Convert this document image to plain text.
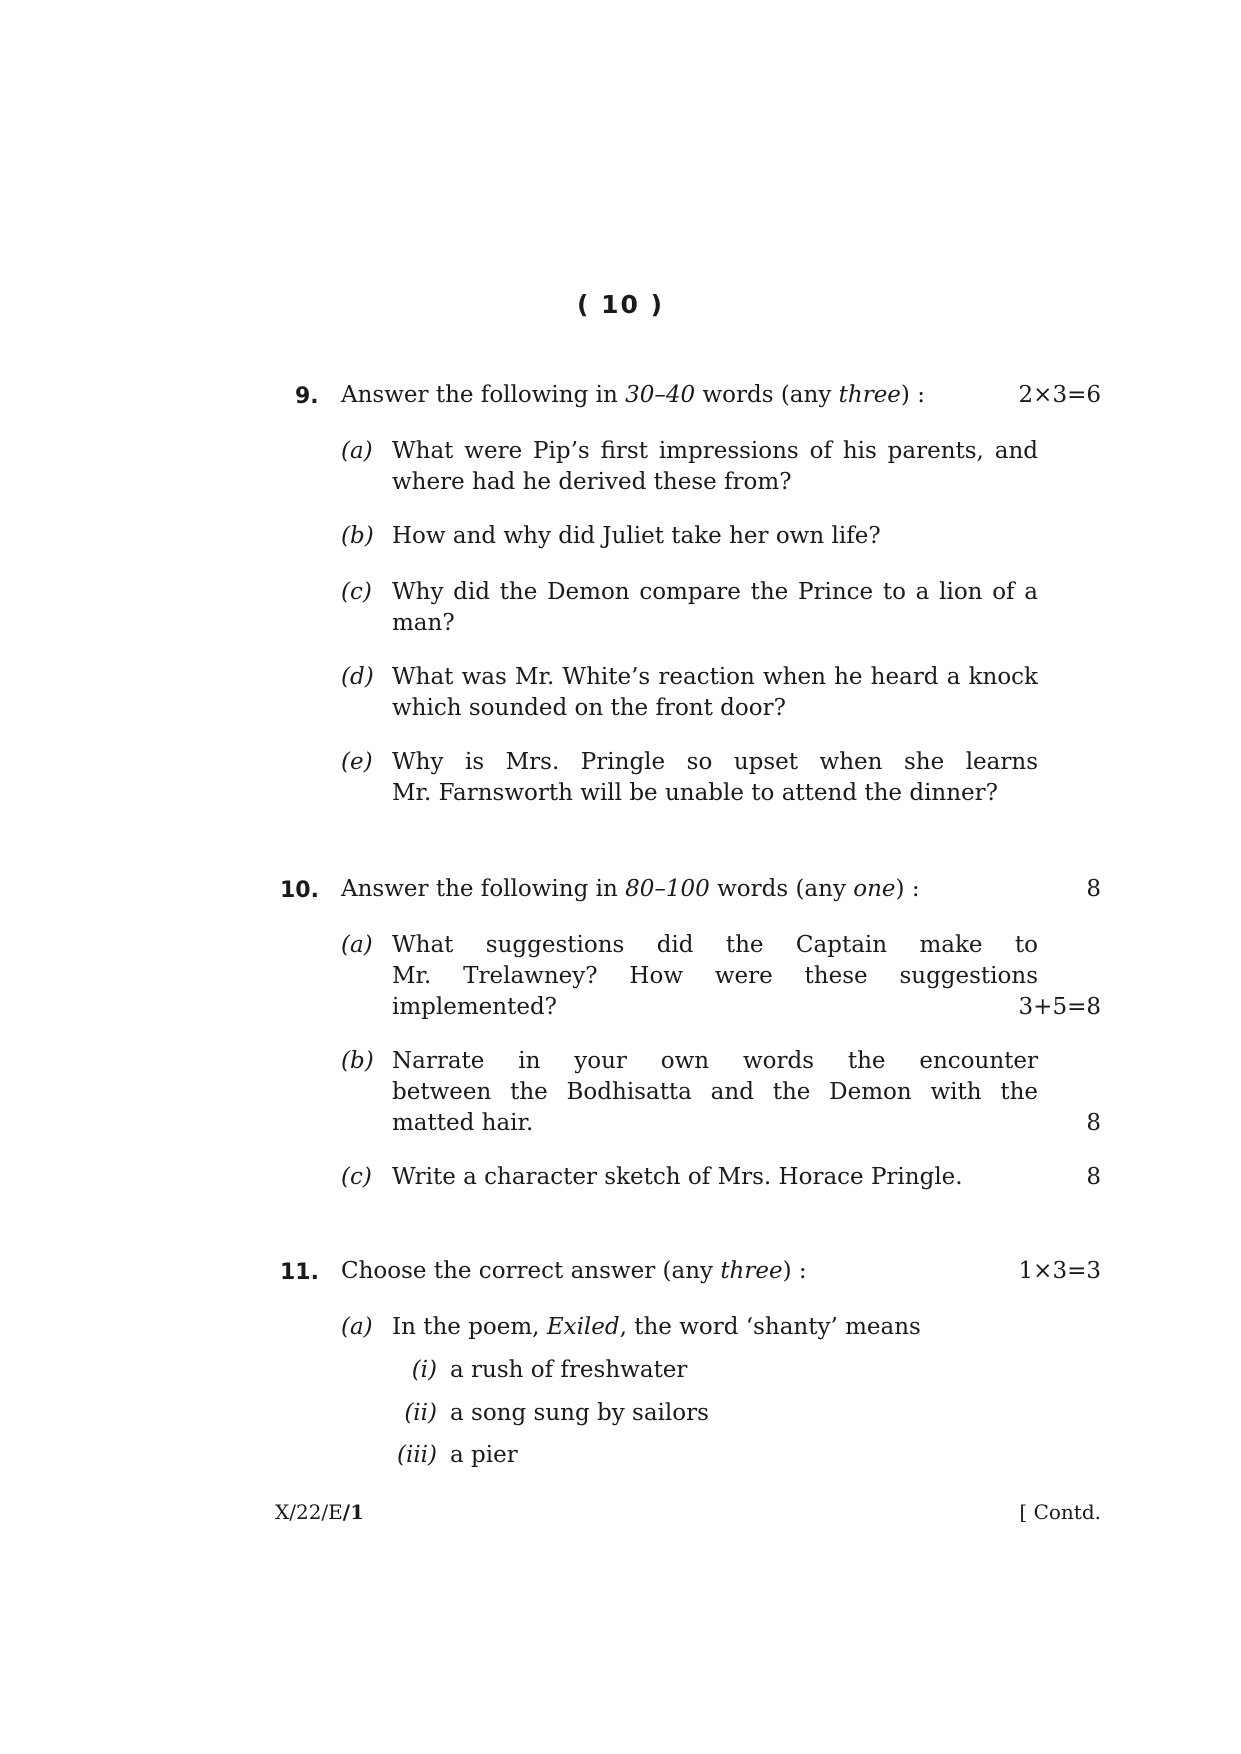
( 10 )
9. Answer the following in 30–40 words (any three) :	2×3=6
(a) What were Pip’s first impressions of his parents, and where had he derived these from?
(b) How and why did Juliet take her own life?
(c) Why did the Demon compare the Prince to a lion of a man?
(d) What was Mr. White’s reaction when he heard a knock which sounded on the front door?
(e) Why is Mrs. Pringle so upset when she learns
Mr. Farnsworth will be unable to attend the dinner?
10. Answer the following in 80–100 words (any one) :	8
(a) What suggestions did the Captain make to
Mr. Trelawney? How were these suggestions
implemented?	3+5=8
(b) Narrate in your own words the encounter
between the Bodhisatta and the Demon with the
matted hair.	8
(c) Write a character sketch of Mrs. Horace Pringle.	8
11. Choose the correct answer (any three) :	1×3=3
(a) In the poem, Exiled, the word ‘shanty’ means
(i) a rush of freshwater
(ii) a song sung by sailors
(iii) a pier
X/22/E/1	[ Contd.
